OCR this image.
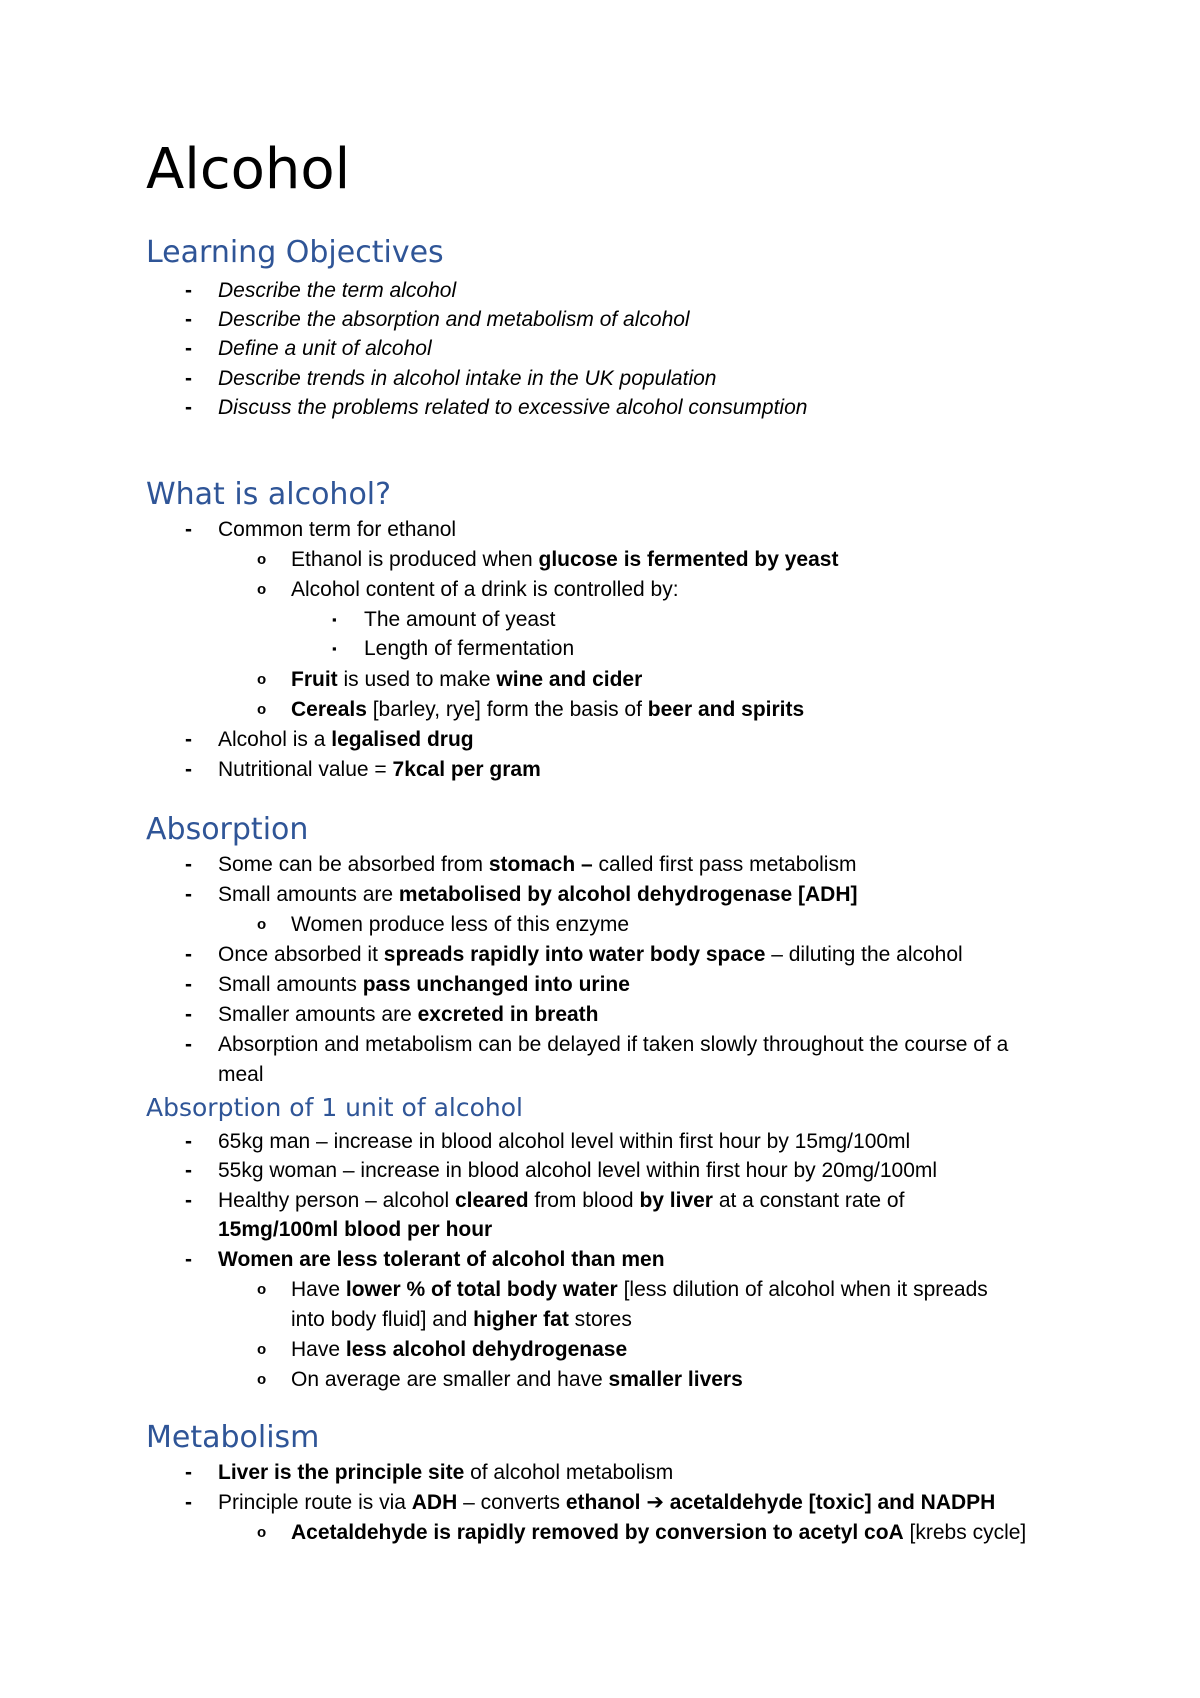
Alcohol
Learning Objectives
- Describe the term alcohol
- Describe the absorption and metabolism of alcohol
- Define a unit of alcohol
- Describe trends in alcohol intake in the UK population
- Discuss the problems related to excessive alcohol consumption
What is alcohol?
- Common term for ethanol
o Ethanol is produced when glucose is fermented by yeast
o Alcohol content of a drink is controlled by:
▪ The amount of yeast
▪ Length of fermentation
o Fruit is used to make wine and cider
o Cereals [barley, rye] form the basis of beer and spirits
- Alcohol is a legalised drug
- Nutritional value = 7kcal per gram
Absorption
- Some can be absorbed from stomach – called first pass metabolism
- Small amounts are metabolised by alcohol dehydrogenase [ADH]
o Women produce less of this enzyme
- Once absorbed it spreads rapidly into water body space – diluting the alcohol
- Small amounts pass unchanged into urine
- Smaller amounts are excreted in breath
- Absorption and metabolism can be delayed if taken slowly throughout the course of a meal
Absorption of 1 unit of alcohol
- 65kg man – increase in blood alcohol level within first hour by 15mg/100ml
- 55kg woman – increase in blood alcohol level within first hour by 20mg/100ml
- Healthy person – alcohol cleared from blood by liver at a constant rate of
15mg/100ml blood per hour
- Women are less tolerant of alcohol than men
o Have lower % of total body water [less dilution of alcohol when it spreads
into body fluid] and higher fat stores
o Have less alcohol dehydrogenase
o On average are smaller and have smaller livers
Metabolism
- Liver is the principle site of alcohol metabolism
- Principle route is via ADH – converts ethanol ➔ acetaldehyde [toxic] and NADPH
o Acetaldehyde is rapidly removed by conversion to acetyl coA [krebs cycle]
